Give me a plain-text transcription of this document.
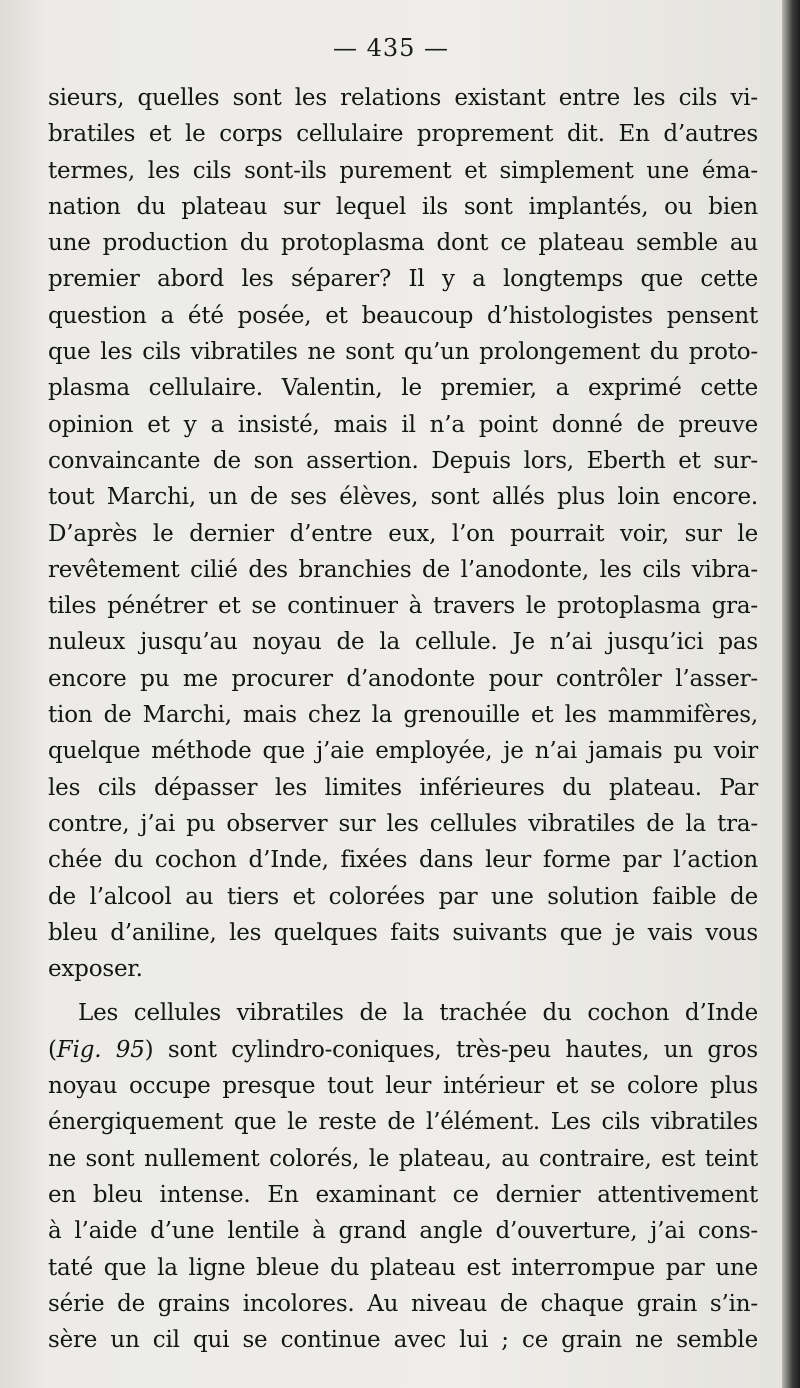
— 435 —
sieurs, quelles sont les relations existant entre les cils vi-
bratiles et le corps cellulaire proprement dit. En d’autres
termes, les cils sont-ils purement et simplement une éma-
nation du plateau sur lequel ils sont implantés, ou bien
une production du protoplasma dont ce plateau semble au
premier abord les séparer? Il y a longtemps que cette
question a été posée, et beaucoup d’histologistes pensent
que les cils vibratiles ne sont qu’un prolongement du proto-
plasma cellulaire. Valentin, le premier, a exprimé cette
opinion et y a insisté, mais il n’a point donné de preuve
convaincante de son assertion. Depuis lors, Eberth et sur-
tout Marchi, un de ses élèves, sont allés plus loin encore.
D’après le dernier d’entre eux, l’on pourrait voir, sur le
revêtement cilié des branchies de l’anodonte, les cils vibra-
tiles pénétrer et se continuer à travers le protoplasma gra-
nuleux jusqu’au noyau de la cellule. Je n’ai jusqu’ici pas
encore pu me procurer d’anodonte pour contrôler l’asser-
tion de Marchi, mais chez la grenouille et les mammifères,
quelque méthode que j’aie employée, je n’ai jamais pu voir
les cils dépasser les limites inférieures du plateau. Par
contre, j’ai pu observer sur les cellules vibratiles de la tra-
chée du cochon d’Inde, fixées dans leur forme par l’action
de l’alcool au tiers et colorées par une solution faible de
bleu d’aniline, les quelques faits suivants que je vais vous
exposer.
Les cellules vibratiles de la trachée du cochon d’Inde
(Fig. 95) sont cylindro-coniques, très-peu hautes, un gros
noyau occupe presque tout leur intérieur et se colore plus
énergiquement que le reste de l’élément. Les cils vibratiles
ne sont nullement colorés, le plateau, au contraire, est teint
en bleu intense. En examinant ce dernier attentivement
à l’aide d’une lentile à grand angle d’ouverture, j’ai cons-
taté que la ligne bleue du plateau est interrompue par une
série de grains incolores. Au niveau de chaque grain s’in-
sère un cil qui se continue avec lui ; ce grain ne semble
